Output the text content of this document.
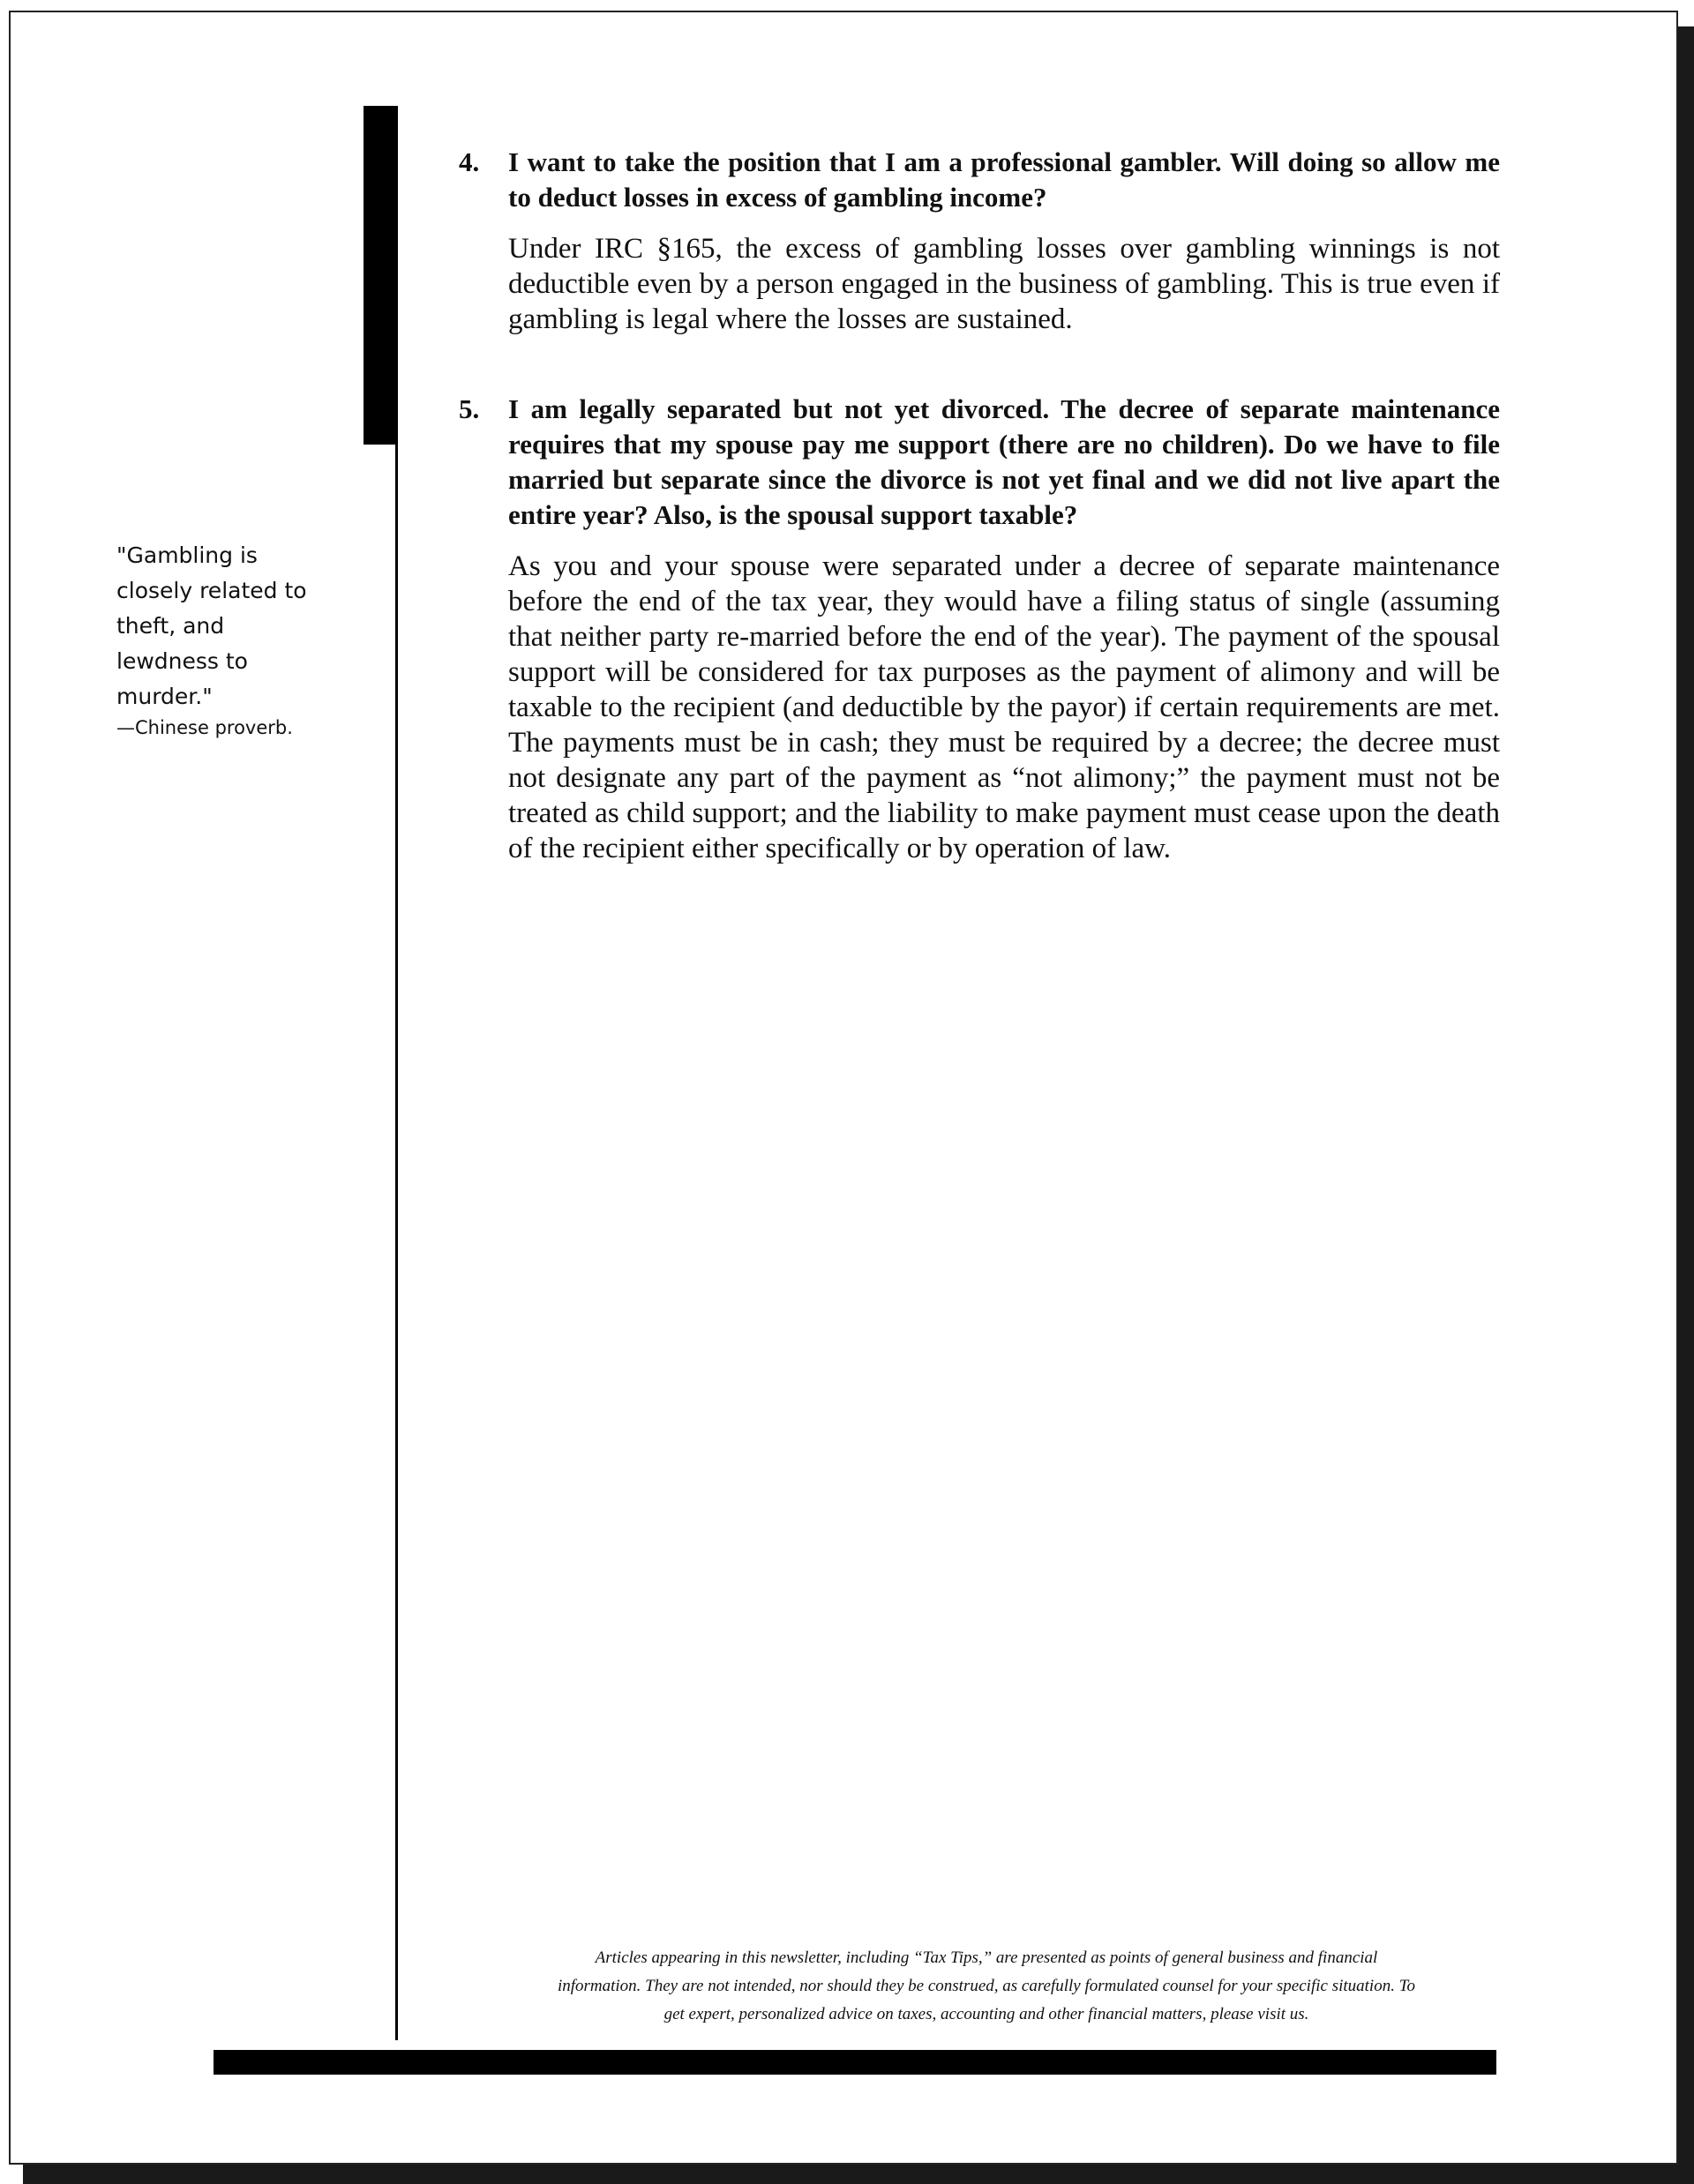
"Gambling is closely related to theft, and lewdness to murder."

—Chinese proverb.
4.	I want to take the position that I am a professional gambler. Will doing so allow me to deduct losses in excess of gambling income?
Under IRC §165, the excess of gambling losses over gambling winnings is not deductible even by a person engaged in the business of gambling. This is true even if gambling is legal where the losses are sustained.
5.	I am legally separated but not yet divorced. The decree of separate maintenance requires that my spouse pay me support (there are no children). Do we have to file married but separate since the divorce is not yet final and we did not live apart the entire year? Also, is the spousal support taxable?
As you and your spouse were separated under a decree of separate maintenance before the end of the tax year, they would have a filing status of single (assuming that neither party re-married before the end of the year). The payment of the spousal support will be considered for tax purposes as the payment of alimony and will be taxable to the recipient (and deductible by the payor) if certain requirements are met. The payments must be in cash; they must be required by a decree; the decree must not designate any part of the payment as “not alimony;” the payment must not be treated as child support; and the liability to make payment must cease upon the death of the recipient either specifically or by operation of law.
Articles appearing in this newsletter, including “Tax Tips,” are presented as points of general business and financial information. They are not intended, nor should they be construed, as carefully formulated counsel for your specific situation. To get expert, personalized advice on taxes, accounting and other financial matters, please visit us.
